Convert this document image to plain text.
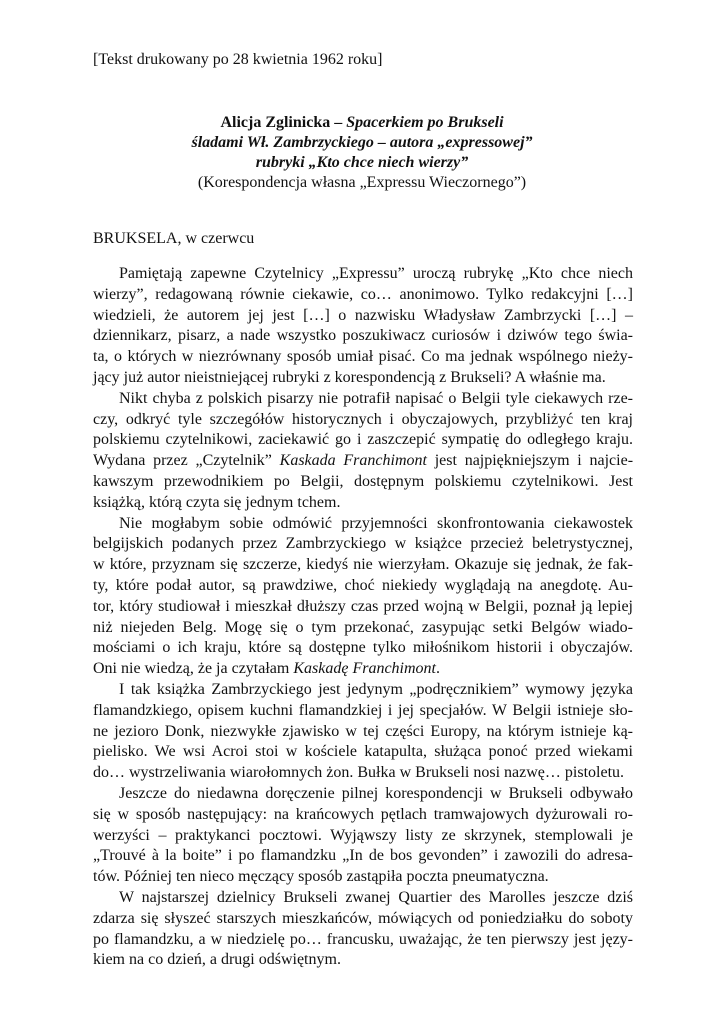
[Tekst drukowany po 28 kwietnia 1962 roku]
Alicja Zglinicka – Spacerkiem po Brukseli
śladami Wł. Zambrzyckiego – autora „expressowej”
rubryki „Kto chce niech wierzy”
(Korespondencja własna „Expressu Wieczornego”)
BRUKSELA, w czerwcu
Pamiętają zapewne Czytelnicy „Expressu” uroczą rubrykę „Kto chce niech
wierzy”, redagowaną równie ciekawie, co… anonimowo. Tylko redakcyjni […]
wiedzieli, że autorem jej jest […] o nazwisku Władysław Zambrzycki […] –
dziennikarz, pisarz, a nade wszystko poszukiwacz curiosów i dziwów tego świa-
ta, o których w niezrównany sposób umiał pisać. Co ma jednak wspólnego nieży-
jący już autor nieistniejącej rubryki z korespondencją z Brukseli? A właśnie ma.
Nikt chyba z polskich pisarzy nie potrafił napisać o Belgii tyle ciekawych rze-
czy, odkryć tyle szczegółów historycznych i obyczajowych, przybliżyć ten kraj
polskiemu czytelnikowi, zaciekawić go i zaszczepić sympatię do odległego kraju.
Wydana przez „Czytelnik” Kaskada Franchimont jest najpiękniejszym i najcie-
kawszym przewodnikiem po Belgii, dostępnym polskiemu czytelnikowi. Jest
książką, którą czyta się jednym tchem.
Nie mogłabym sobie odmówić przyjemności skonfrontowania ciekawostek
belgijskich podanych przez Zambrzyckiego w książce przecież beletrystycznej,
w które, przyznam się szczerze, kiedyś nie wierzyłam. Okazuje się jednak, że fak-
ty, które podał autor, są prawdziwe, choć niekiedy wyglądają na anegdotę. Au-
tor, który studiował i mieszkał dłuższy czas przed wojną w Belgii, poznał ją lepiej
niż niejeden Belg. Mogę się o tym przekonać, zasypując setki Belgów wiado-
mościami o ich kraju, które są dostępne tylko miłośnikom historii i obyczajów.
Oni nie wiedzą, że ja czytałam Kaskadę Franchimont.
I tak książka Zambrzyckiego jest jedynym „podręcznikiem” wymowy języka
flamandzkiego, opisem kuchni flamandzkiej i jej specjałów. W Belgii istnieje sło-
ne jezioro Donk, niezwykłe zjawisko w tej części Europy, na którym istnieje ką-
pielisko. We wsi Acroi stoi w kościele katapulta, służąca ponoć przed wiekami
do… wystrzeliwania wiarołomnych żon. Bułka w Brukseli nosi nazwę… pistoletu.
Jeszcze do niedawna doręczenie pilnej korespondencji w Brukseli odbywało
się w sposób następujący: na krańcowych pętlach tramwajowych dyżurowali ro-
werzyści – praktykanci pocztowi. Wyjąwszy listy ze skrzynek, stemplowali je
„Trouvé à la boite” i po flamandzku „In de bos gevonden” i zawozili do adresa-
tów. Później ten nieco męczący sposób zastąpiła poczta pneumatyczna.
W najstarszej dzielnicy Brukseli zwanej Quartier des Marolles jeszcze dziś
zdarza się słyszeć starszych mieszkańców, mówiących od poniedziałku do soboty
po flamandzku, a w niedzielę po… francusku, uważając, że ten pierwszy jest języ-
kiem na co dzień, a drugi odświętnym.
